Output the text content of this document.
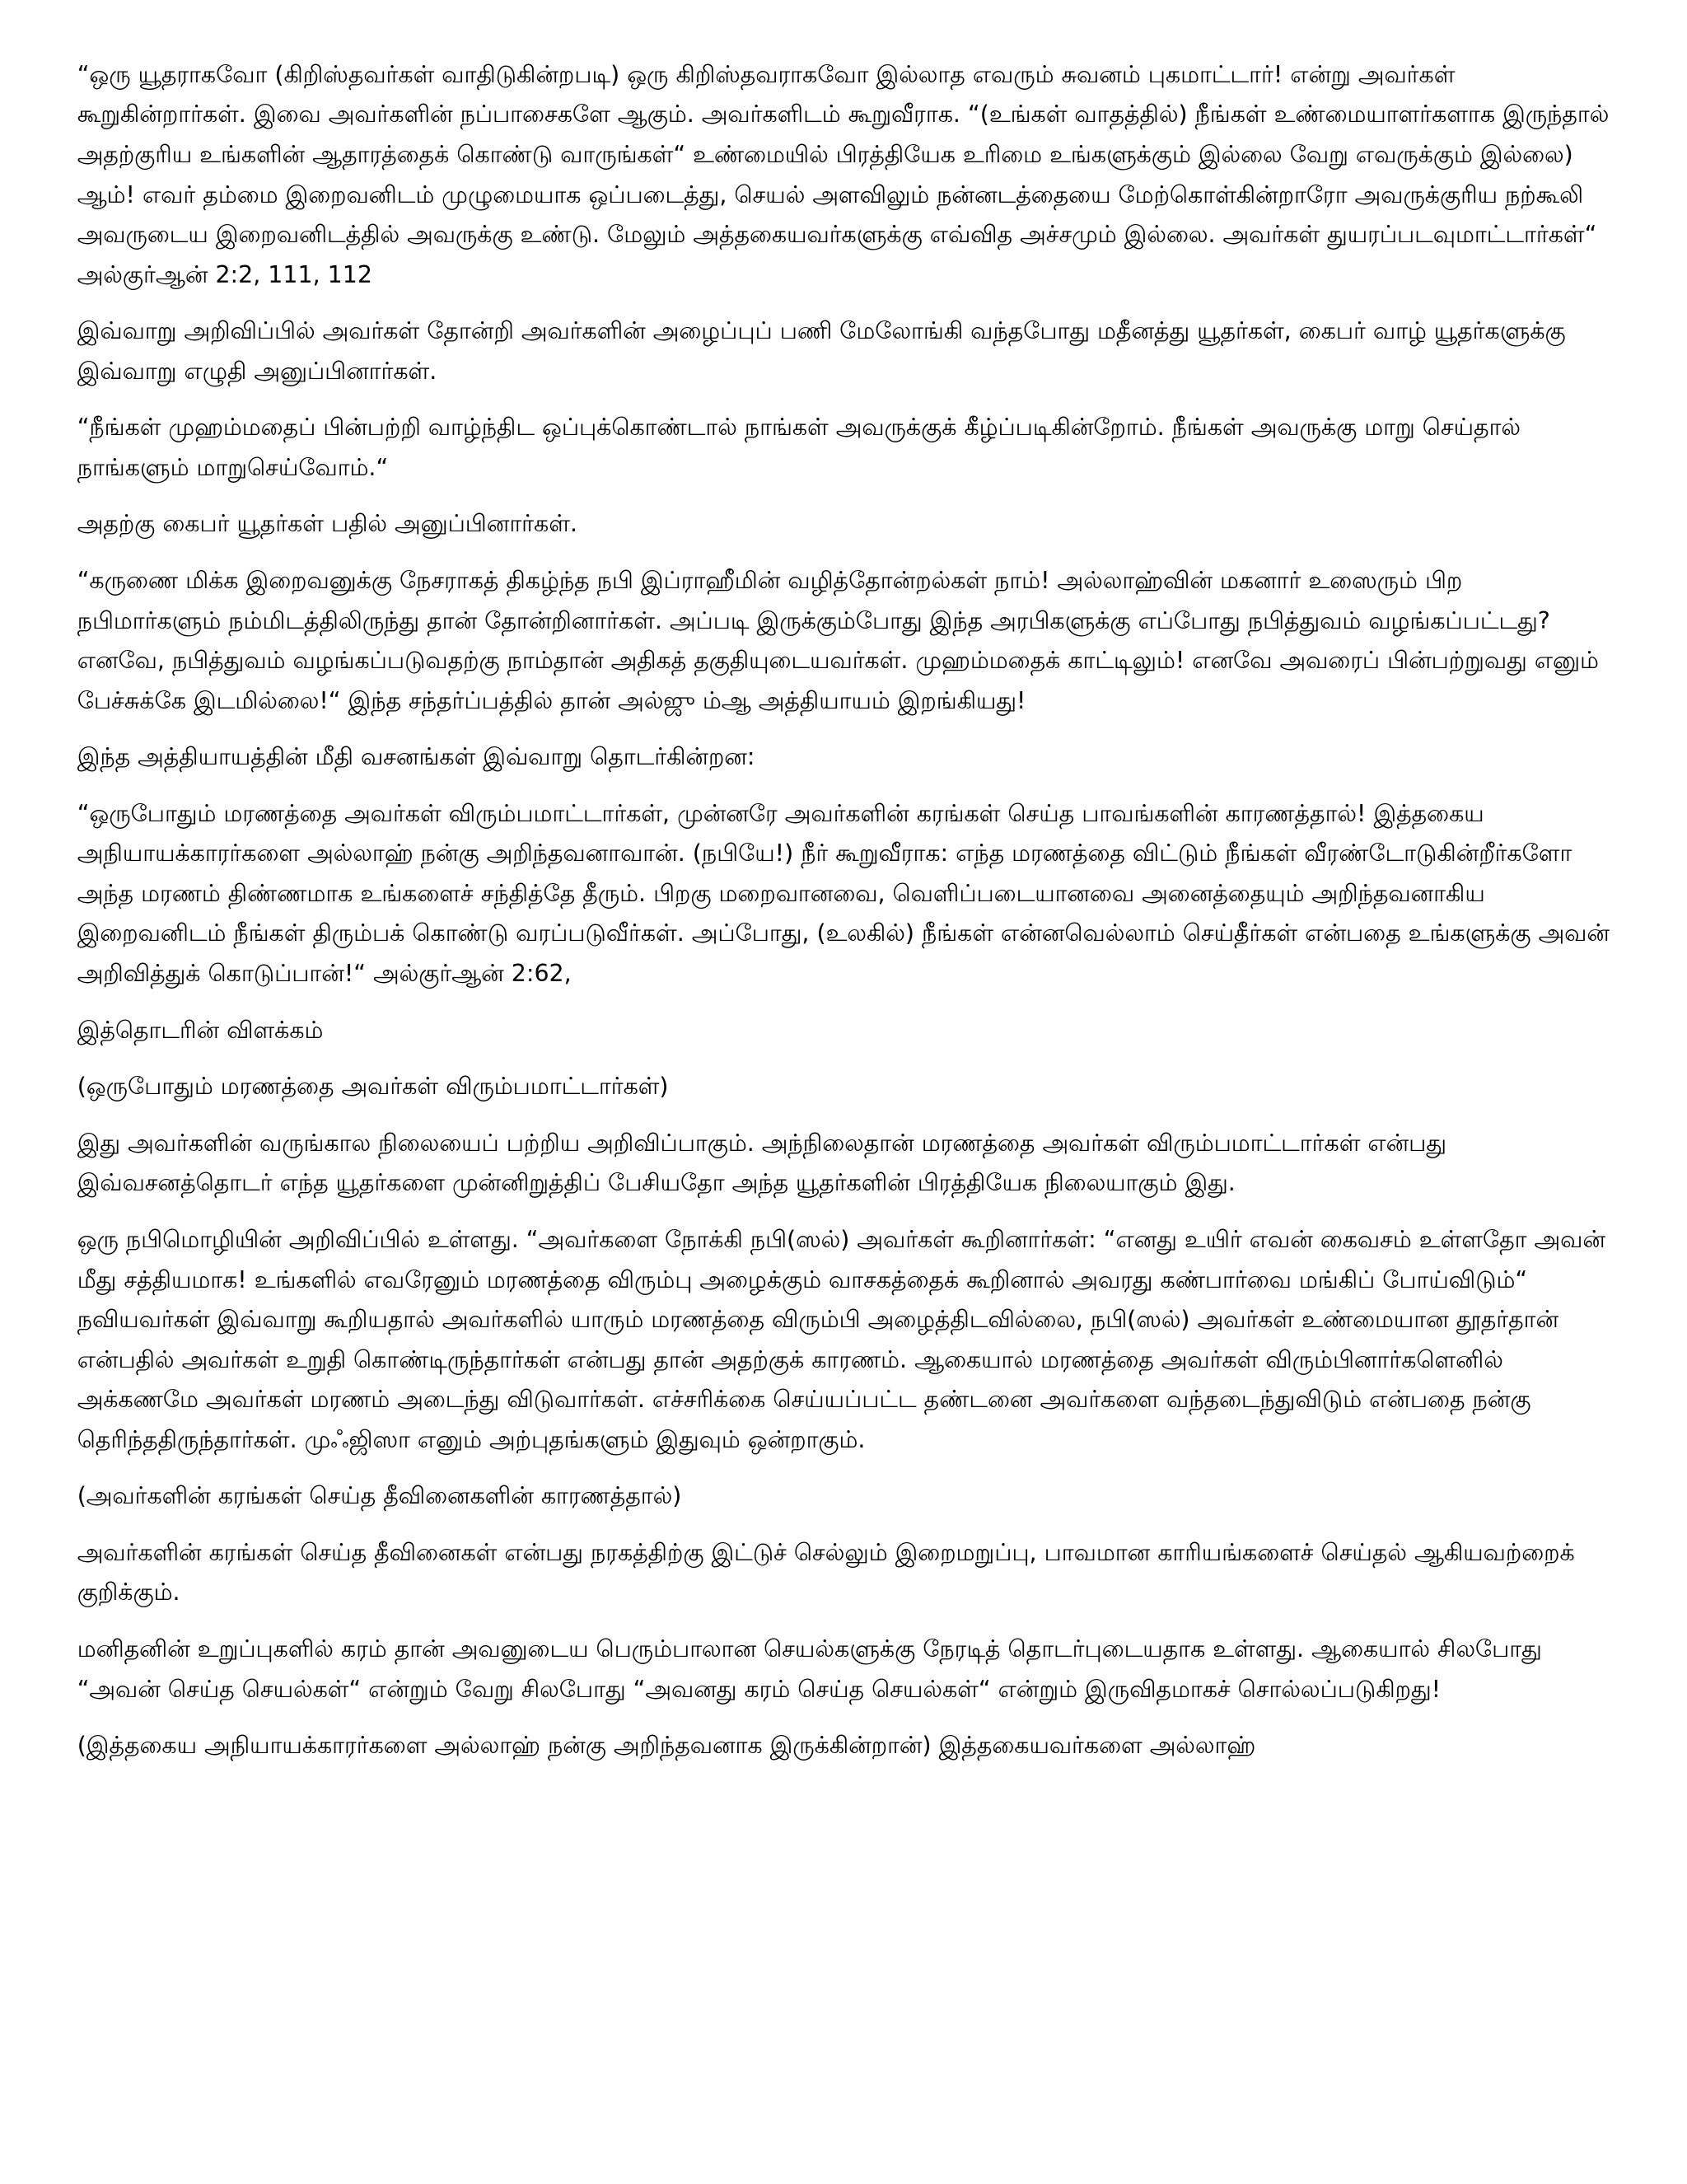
“ஒரு யூதராகவோ (கிறிஸ்தவர்கள் வாதிடுகின்றபடி) ஒரு கிறிஸ்தவராகவோ இல்லாத எவரும் சுவனம் புகமாட்டார்! என்று அவர்கள் கூறுகின்றார்கள். இவை அவர்களின் நப்பாசைகளே ஆகும். அவர்களிடம் கூறுவீராக. “(உங்கள் வாதத்தில்) நீங்கள் உண்மையாளர்களாக இருந்தால் அதற்குரிய உங்களின் ஆதாரத்தைக் கொண்டு வாருங்கள்“ உண்மையில் பிரத்தியேக உரிமை உங்களுக்கும் இல்லை வேறு எவருக்கும் இல்லை) ஆம்! எவர் தம்மை இறைவனிடம் முழுமையாக ஒப்படைத்து, செயல் அளவிலும் நன்னடத்தையை மேற்கொள்கின்றாரோ அவருக்குரிய நற்கூலி அவருடைய இறைவனிடத்தில் அவருக்கு உண்டு. மேலும் அத்தகையவர்களுக்கு எவ்வித அச்சமும் இல்லை. அவர்கள் துயரப்படவுமாட்டார்கள்“

அல்குர்ஆன் 2:2, 111, 112

இவ்வாறு அறிவிப்பில் அவர்கள் தோன்றி அவர்களின் அழைப்புப் பணி மேலோங்கி வந்தபோது மதீனத்து யூதர்கள், கைபர் வாழ் யூதர்களுக்கு இவ்வாறு எழுதி அனுப்பினார்கள்.

“நீங்கள் முஹம்மதைப் பின்பற்றி வாழ்ந்திட ஒப்புக்கொண்டால் நாங்கள் அவருக்குக் கீழ்ப்படிகின்றோம். நீங்கள் அவருக்கு மாறு செய்தால் நாங்களும் மாறுசெய்வோம்.“

அதற்கு கைபர் யூதர்கள் பதில் அனுப்பினார்கள்.

“கருணை மிக்க இறைவனுக்கு நேசராகத் திகழ்ந்த நபி இப்ராஹீமின் வழித்தோன்றல்கள் நாம்! அல்லாஹ்வின் மகனார் உஸைரும் பிற நபிமார்களும் நம்மிடத்திலிருந்து தான் தோன்றினார்கள். அப்படி இருக்கும்போது இந்த அரபிகளுக்கு எப்போது நபித்துவம் வழங்கப்பட்டது? எனவே, நபித்துவம் வழங்கப்படுவதற்கு நாம்தான் அதிகத் தகுதியுடையவர்கள். முஹம்மதைக் காட்டிலும்! எனவே அவரைப் பின்பற்றுவது எனும் பேச்சுக்கே இடமில்லை!“ இந்த சந்தர்ப்பத்தில் தான் அல்ஜு ம்ஆ அத்தியாயம் இறங்கியது!

இந்த அத்தியாயத்தின் மீதி வசனங்கள் இவ்வாறு தொடர்கின்றன:

“ஒருபோதும் மரணத்தை அவர்கள் விரும்பமாட்டார்கள், முன்னரே அவர்களின் கரங்கள் செய்த பாவங்களின் காரணத்தால்! இத்தகைய அநியாயக்காரர்களை அல்லாஹ் நன்கு அறிந்தவனாவான். (நபியே!) நீர் கூறுவீராக: எந்த மரணத்தை விட்டும் நீங்கள் வீரண்டோடுகின்றீர்களோ அந்த மரணம் திண்ணமாக உங்களைச் சந்தித்தே தீரும். பிறகு மறைவானவை, வெளிப்படையானவை அனைத்தையும் அறிந்தவனாகிய இறைவனிடம் நீங்கள் திரும்பக் கொண்டு வரப்படுவீர்கள். அப்போது, (உலகில்) நீங்கள் என்னவெல்லாம் செய்தீர்கள் என்பதை உங்களுக்கு அவன் அறிவித்துக் கொடுப்பான்!“ அல்குர்ஆன் 2:62,

இத்தொடரின் விளக்கம்

(ஒருபோதும் மரணத்தை அவர்கள் விரும்பமாட்டார்கள்)

இது அவர்களின் வருங்கால நிலையைப் பற்றிய அறிவிப்பாகும். அந்நிலைதான் மரணத்தை அவர்கள் விரும்பமாட்டார்கள் என்பது இவ்வசனத்தொடர் எந்த யூதர்களை முன்னிறுத்திப் பேசியதோ அந்த யூதர்களின் பிரத்தியேக நிலையாகும் இது.

ஒரு நபிமொழியின் அறிவிப்பில் உள்ளது. “அவர்களை நோக்கி நபி(ஸல்) அவர்கள் கூறினார்கள்: “எனது உயிர் எவன் கைவசம் உள்ளதோ அவன் மீது சத்தியமாக! உங்களில் எவரேனும் மரணத்தை விரும்பு அழைக்கும் வாசகத்தைக் கூறினால் அவரது கண்பார்வை மங்கிப் போய்விடும்“ நவியவர்கள் இவ்வாறு கூறியதால் அவர்களில் யாரும் மரணத்தை விரும்பி அழைத்திடவில்லை, நபி(ஸல்) அவர்கள் உண்மையான தூதர்தான் என்பதில் அவர்கள் உறுதி கொண்டிருந்தார்கள் என்பது தான் அதற்குக் காரணம். ஆகையால் மரணத்தை அவர்கள் விரும்பினார்களெனில் அக்கணமே அவர்கள் மரணம் அடைந்து விடுவார்கள். எச்சரிக்கை செய்யப்பட்ட தண்டனை அவர்களை வந்தடைந்துவிடும் என்பதை நன்கு தெரிந்ததிருந்தார்கள். முஃஜிஸா எனும் அற்புதங்களும் இதுவும் ஒன்றாகும்.

(அவர்களின் கரங்கள் செய்த தீவினைகளின் காரணத்தால்)

அவர்களின் கரங்கள் செய்த தீவினைகள் என்பது நரகத்திற்கு இட்டுச் செல்லும் இறைமறுப்பு, பாவமான காரியங்களைச் செய்தல் ஆகியவற்றைக் குறிக்கும்.

மனிதனின் உறுப்புகளில் கரம் தான் அவனுடைய பெரும்பாலான செயல்களுக்கு நேரடித் தொடர்புடையதாக உள்ளது. ஆகையால் சிலபோது “அவன் செய்த செயல்கள்“ என்றும் வேறு சிலபோது “அவனது கரம் செய்த செயல்கள்“ என்றும் இருவிதமாகச் சொல்லப்படுகிறது!

(இத்தகைய அநியாயக்காரர்களை அல்லாஹ் நன்கு அறிந்தவனாக இருக்கின்றான்) இத்தகையவர்களை அல்லாஹ்
